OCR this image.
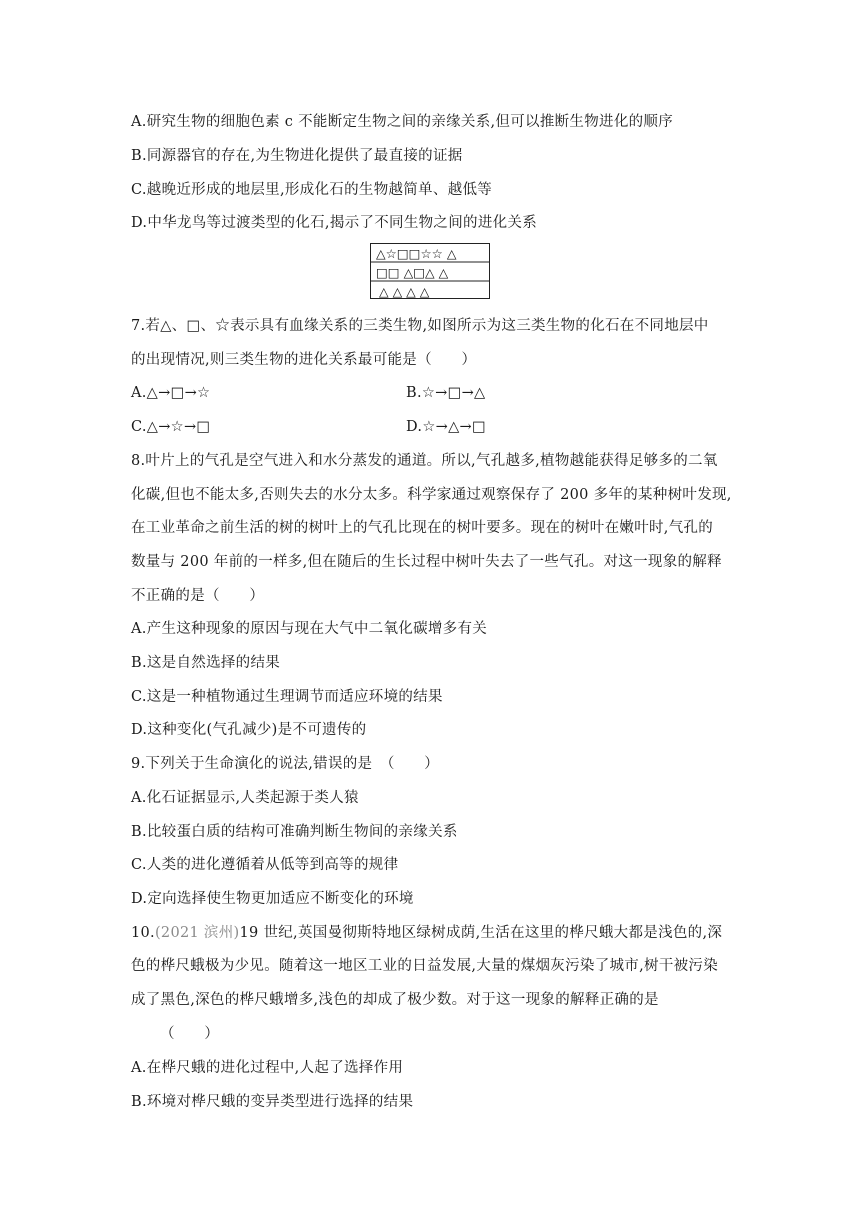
A.研究生物的细胞色素 c 不能断定生物之间的亲缘关系,但可以推断生物进化的顺序
B.同源器官的存在,为生物进化提供了最直接的证据
C.越晚近形成的地层里,形成化石的生物越简单、越低等
D.中华龙鸟等过渡类型的化石,揭示了不同生物之间的进化关系
△☆□□☆☆ △
□□ △□△ △
△ △ △ △
7.若△、□、☆表示具有血缘关系的三类生物,如图所示为这三类生物的化石在不同地层中
的出现情况,则三类生物的进化关系最可能是（　　）
A.△→□→☆	B.☆→□→△
C.△→☆→□	D.☆→△→□
8.叶片上的气孔是空气进入和水分蒸发的通道。所以,气孔越多,植物越能获得足够多的二氧
化碳,但也不能太多,否则失去的水分太多。科学家通过观察保存了 200 多年的某种树叶发现,
在工业革命之前生活的树的树叶上的气孔比现在的树叶要多。现在的树叶在嫩叶时,气孔的
数量与 200 年前的一样多,但在随后的生长过程中树叶失去了一些气孔。对这一现象的解释
不正确的是（　　）
A.产生这种现象的原因与现在大气中二氧化碳增多有关
B.这是自然选择的结果
C.这是一种植物通过生理调节而适应环境的结果
D.这种变化(气孔减少)是不可遗传的
9.下列关于生命演化的说法,错误的是　（　　）
A.化石证据显示,人类起源于类人猿
B.比较蛋白质的结构可准确判断生物间的亲缘关系
C.人类的进化遵循着从低等到高等的规律
D.定向选择使生物更加适应不断变化的环境
10.(2021 滨州)19 世纪,英国曼彻斯特地区绿树成荫,生活在这里的桦尺蛾大都是浅色的,深
色的桦尺蛾极为少见。随着这一地区工业的日益发展,大量的煤烟灰污染了城市,树干被污染
成了黑色,深色的桦尺蛾增多,浅色的却成了极少数。对于这一现象的解释正确的是
（　　）
A.在桦尺蛾的进化过程中,人起了选择作用
B.环境对桦尺蛾的变异类型进行选择的结果
